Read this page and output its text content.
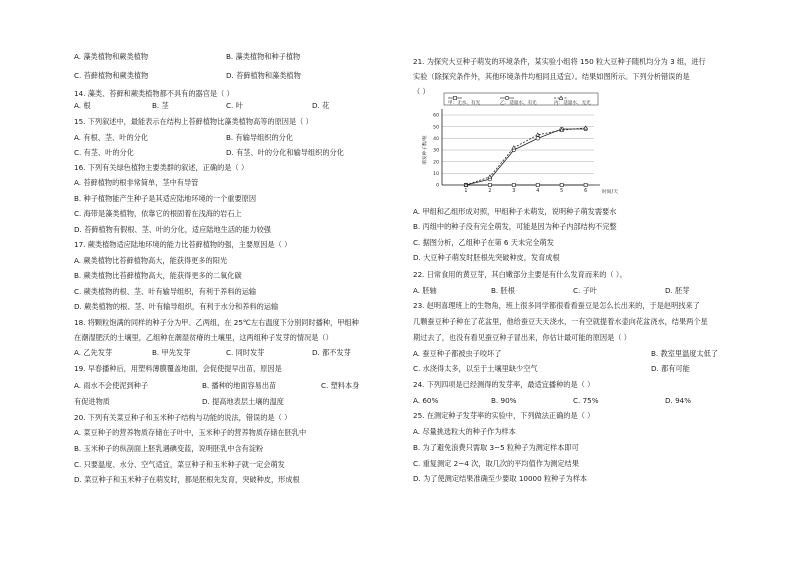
A. 藻类植物和蕨类植物	B. 藻类植物和种子植物
C. 苔藓植物和蕨类植物	D. 苔藓植物和藻类植物
14. 藻类、苔藓和蕨类植物都不具有的器官是（ ）
A. 根	B. 茎	C. 叶	D. 花
15. 下列叙述中，最能表示在结构上苔藓植物比藻类植物高等的原因是（ ）
A. 有根、茎、叶的分化	B. 有输导组织的分化
C. 有茎、叶的分化	D. 有茎、叶的分化和输导组织的分化
16. 下列有关绿色植物主要类群的叙述，正确的是（ ）
A. 苔藓植物的根非常简单，茎中有导管
B. 种子植物能产生种子是其适应陆地环境的一个重要原因
C. 海带是藻类植物，依靠它的根固着在浅海的岩石上
D. 苔藓植物有假根、茎、叶的分化，适应陆地生活的能力较强
17. 蕨类植物适应陆地环境的能力比苔藓植物的强，主要原因是（ ）
A. 蕨类植物比苔藓植物高大，能获得更多的阳光
B. 蕨类植物比苔藓植物高大，能获得更多的二氧化碳
C. 蕨类植物的根、茎、叶有输导组织，有利于养料的运输
D. 蕨类植物的根、茎、叶有输导组织，有利于水分和养料的运输
18. 将颗粒饱满的同样的种子分为甲、乙两组，在 25℃左右温度下分别同时播种，甲组种
在潮湿肥沃的土壤里，乙组种在潮湿贫瘠的土壤里，这两组种子发芽的情况是（）
A. 乙先发芽	B. 甲先发芽	C. 同时发芽	D. 都不发芽
19. 早春播种后，用塑料薄膜覆盖地面，会促使提早出苗，原因是
A. 雨水不会使泥到种子	B. 播种的地面容易出苗	C. 塑料本身
有促进物质	D. 提高地表层土壤的温度
20. 下列有关菜豆种子和玉米种子结构与功能的说法，错误的是（ ）
A. 菜豆种子的营养物质存储在子叶中，玉米种子的营养物质存储在胚乳中
B. 玉米种子的纵剖面上胚乳遇碘变蓝，说明胚乳中含有淀粉
C. 只要温度、水分、空气适宜，菜豆种子和玉米种子就一定会萌发
D. 菜豆种子和玉米种子在萌发时，都是胚根先发育，突破种皮，形成根
21. 为探究大豆种子萌发的环境条件，某实验小组将 150 粒大豆种子随机均分为 3 组，进行
实验（除探究条件外，其他环境条件均相同且适宜）。结果如图所示。下列分析错误的是
（ ）
甲：无水、有光	乙：适量水、有光	丙：适量水、无光
0
10
20
30
40
50
60
1	2	3	4	5	6	时间/天
萌发种子数/粒
A. 甲组和乙组形成对照，甲组种子未萌发，说明种子萌发需要水
B. 丙组中的种子没有完全萌发，可能是因为种子内部结构不完整
C. 据图分析，乙组种子在第 6 天未完全萌发
D. 大豆种子萌发时胚根先突破种皮，发育成根
22. 日常食用的黄豆芽，其白嫩部分主要是有什么发育而来的（ ）。
A. 胚轴	B. 胚根	C. 子叶	D. 胚芽
23. 赵明喜理班上的生物角，班上很多同学都很看看蚕豆是怎么长出来的，于是赵明找来了
几颗蚕豆种子种在了花盆里，他给蚕豆天天浇水，一有空就提着水壶向花盆浇水，结果两个星
期过去了，也没有看见蚕豆种子冒出来，你估计最可能的原因是（ ）
A. 蚕豆种子都被虫子咬坏了	B. 教室里温度太低了
C. 水浇得太多，以至于土壤里缺少空气	D. 都有可能
24. 下列四项是已经测得的发芽率，最适宜播种的是（ ）
A. 60%	B. 90%	C. 75%	D. 94%
25. 在测定种子发芽率的实验中，下列做法正确的是（ ）
A. 尽量挑选粒大的种子作为样本
B. 为了避免浪费只需取 3~5 粒种子为测定样本即可
C. 重复测定 2~4 次，取几次的平均值作为测定结果
D. 为了使测定结果准确至少要取 10000 粒种子为样本
